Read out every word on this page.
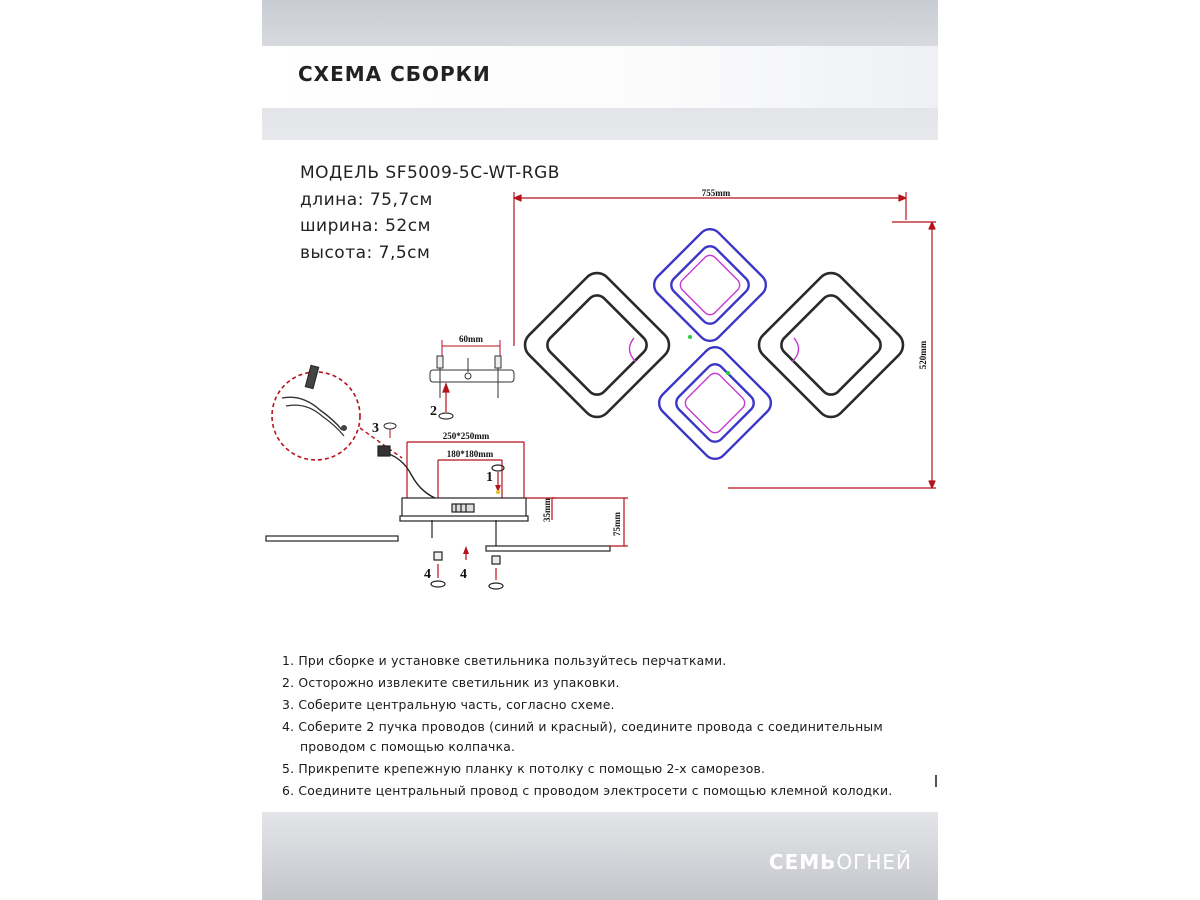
СХЕМА СБОРКИ
МОДЕЛЬ SF5009-5C-WT-RGB
длина: 75,7см
ширина: 52см
высота: 7,5см
755mm
520mm
60mm
2
3	250*250mm
180*180mm
35mm
75mm
1
4 4
1. При сборке и установке светильника пользуйтесь перчатками.
2. Осторожно извлеките светильник из упаковки.
3. Соберите центральную часть, согласно схеме.
4. Соберите 2 пучка проводов (синий и красный), соедините провода с соединительным
проводом с помощью колпачка.
5. Прикрепите крепежную планку к потолку с помощью 2-х саморезов.
6. Соедините центральный провод с проводом электросети с помощью клемной колодки.
СЕМЬОГНЕЙ
